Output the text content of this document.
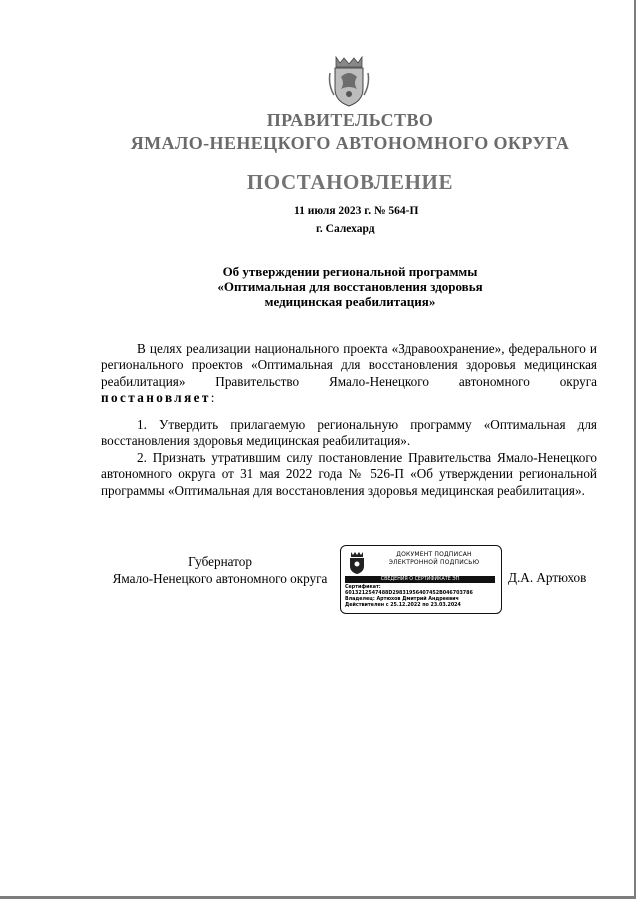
ПРАВИТЕЛЬСТВО
ЯМАЛО-НЕНЕЦКОГО АВТОНОМНОГО ОКРУГА
ПОСТАНОВЛЕНИЕ
11 июля 2023 г. № 564-П
г. Салехард
Об утверждении региональной программы
«Оптимальная для восстановления здоровья
медицинская реабилитация»
В целях реализации национального проекта «Здравоохранение», федерального и регионального проектов «Оптимальная для восстановления здоровья медицинская реабилитация» Правительство Ямало-Ненецкого автономного округа постановляет:
1. Утвердить прилагаемую региональную программу «Оптимальная для восстановления здоровья медицинская реабилитация».
2. Признать утратившим силу постановление Правительства Ямало-Ненецкого автономного округа от 31 мая 2022 года № 526-П «Об утверждении региональной программы «Оптимальная для восстановления здоровья медицинская реабилитация».
Губернатор
Ямало-Ненецкого автономного округа
ДОКУМЕНТ ПОДПИСАН
ЭЛЕКТРОННОЙ ПОДПИСЬЮ
СВЕДЕНИЯ О СЕРТИФИКАТЕ ЭП
Сертификат:
6013212547488D29831956407452B046703786
Владелец: Артюхов Дмитрий Андреевич
Действителен с 25.12.2022 по 23.03.2024
Д.А. Артюхов
